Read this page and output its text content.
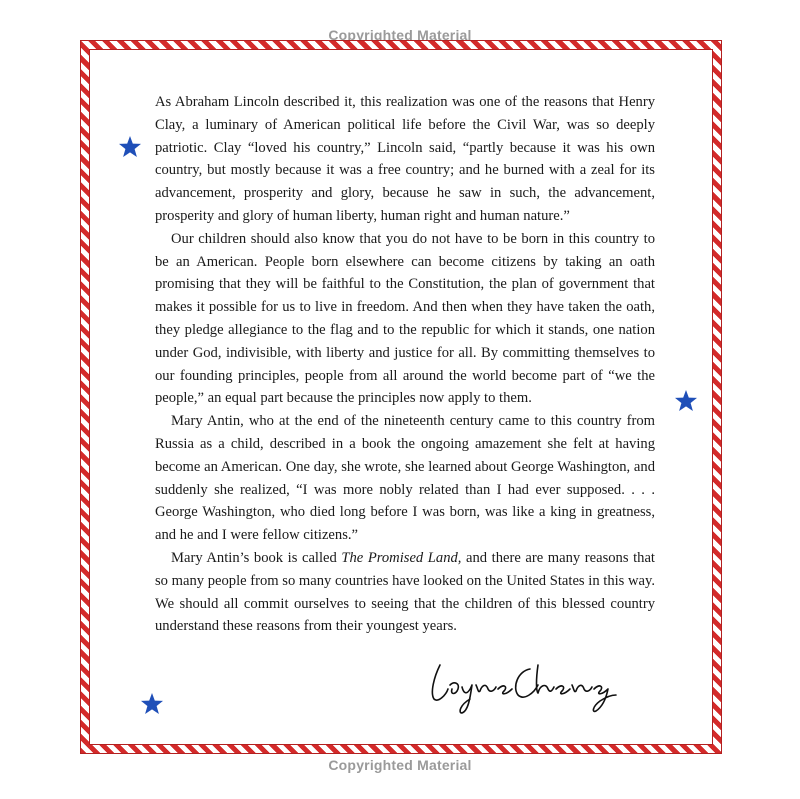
Copyrighted Material

As Abraham Lincoln described it, this realization was one of the reasons that Henry Clay, a luminary of American political life before the Civil War, was so deeply patriotic. Clay “loved his country,” Lincoln said, “partly because it was his own country, but mostly because it was a free country; and he burned with a zeal for its advancement, prosperity and glory, because he saw in such, the advancement, prosperity and glory of human liberty, human right and human nature.”

Our children should also know that you do not have to be born in this country to be an American. People born elsewhere can become citizens by taking an oath promising that they will be faithful to the Constitution, the plan of government that makes it possible for us to live in freedom. And then when they have taken the oath, they pledge allegiance to the flag and to the republic for which it stands, one nation under God, indivisible, with liberty and justice for all. By committing themselves to our founding principles, people from all around the world become part of “we the people,” an equal part because the principles now apply to them.

Mary Antin, who at the end of the nineteenth century came to this country from Russia as a child, described in a book the ongoing amazement she felt at having become an American. One day, she wrote, she learned about George Washington, and suddenly she realized, “I was more nobly related than I had ever supposed. . . . George Washington, who died long before I was born, was like a king in greatness, and he and I were fellow citizens.”

Mary Antin’s book is called The Promised Land, and there are many reasons that so many people from so many countries have looked on the United States in this way. We should all commit ourselves to seeing that the children of this blessed country understand these reasons from their youngest years.

Copyrighted Material
